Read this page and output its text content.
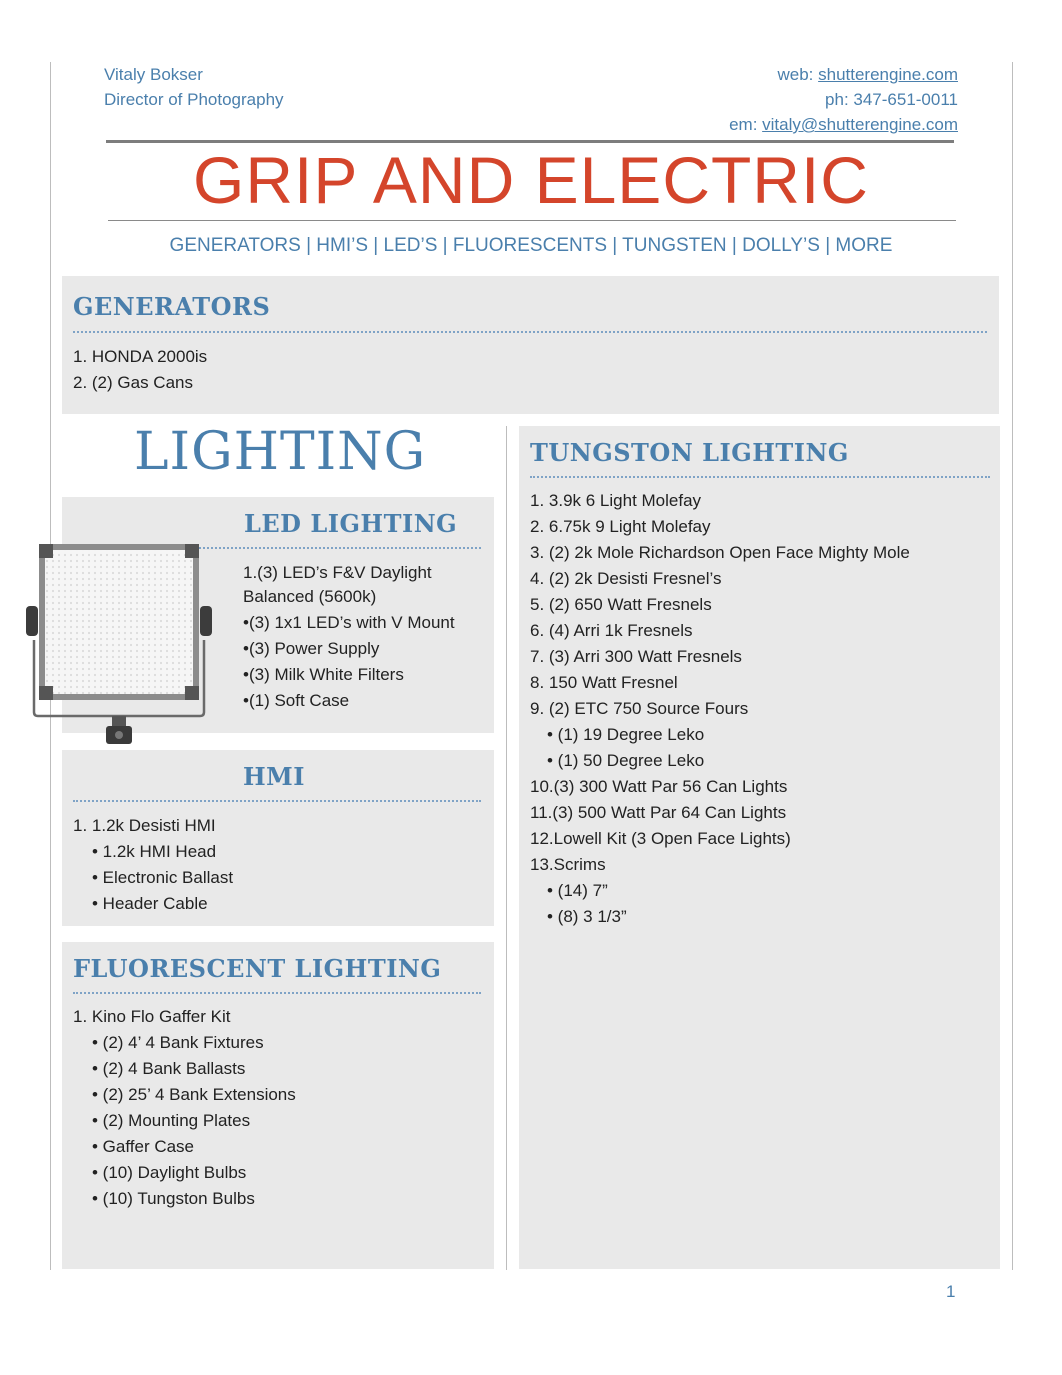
Vitaly Bokser
Director of Photography
web: shutterengine.com
ph: 347-651-0011
em: vitaly@shutterengine.com
GRIP AND ELECTRIC
GENERATORS | HMI’S | LED’S | FLUORESCENTS | TUNGSTEN | DOLLY’S | MORE
GENERATORS
1. HONDA 2000is
2. (2) Gas Cans
LIGHTING
LED LIGHTING
1.(3) LED’s F&V Daylight
Balanced (5600k)
•(3) 1x1 LED’s with V Mount
•(3) Power Supply
•(3) Milk White Filters
•(1) Soft Case
HMI
1. 1.2k Desisti HMI
• 1.2k HMI Head
• Electronic Ballast
• Header Cable
FLUORESCENT LIGHTING
1. Kino Flo Gaffer Kit
• (2) 4’ 4 Bank Fixtures
• (2) 4 Bank Ballasts
• (2) 25’ 4 Bank Extensions
• (2) Mounting Plates
• Gaffer Case
• (10) Daylight Bulbs
• (10) Tungston Bulbs
TUNGSTON LIGHTING
1. 3.9k 6 Light Molefay
2. 6.75k 9 Light Molefay
3. (2) 2k Mole Richardson Open Face Mighty Mole
4. (2) 2k Desisti Fresnel’s
5. (2) 650 Watt Fresnels
6. (4) Arri 1k Fresnels
7. (3) Arri 300 Watt Fresnels
8. 150 Watt Fresnel
9. (2) ETC 750 Source Fours
• (1) 19 Degree Leko
• (1) 50 Degree Leko
10.(3) 300 Watt Par 56 Can Lights
11.(3) 500 Watt Par 64 Can Lights
12.Lowell Kit (3 Open Face Lights)
13.Scrims
• (14) 7”
• (8) 3 1/3”
1
